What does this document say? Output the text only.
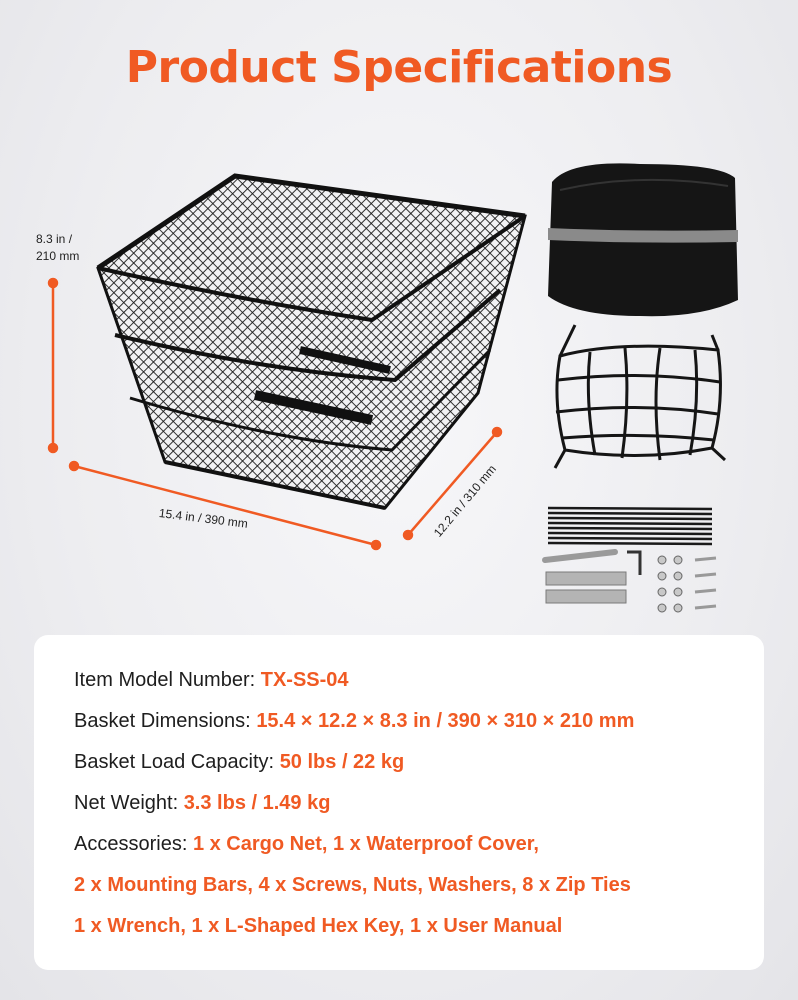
Product Specifications
8.3 in /
210 mm
15.4 in / 390 mm	12.2 in / 310 mm
Item Model Number: TX-SS-04
Basket Dimensions: 15.4 × 12.2 × 8.3 in / 390 × 310 × 210 mm
Basket Load Capacity: 50 lbs / 22 kg
Net Weight: 3.3 lbs / 1.49 kg
Accessories: 1 x Cargo Net, 1 x Waterproof Cover,
2 x Mounting Bars, 4 x Screws, Nuts, Washers, 8 x Zip Ties
1 x Wrench, 1 x L-Shaped Hex Key, 1 x User Manual
